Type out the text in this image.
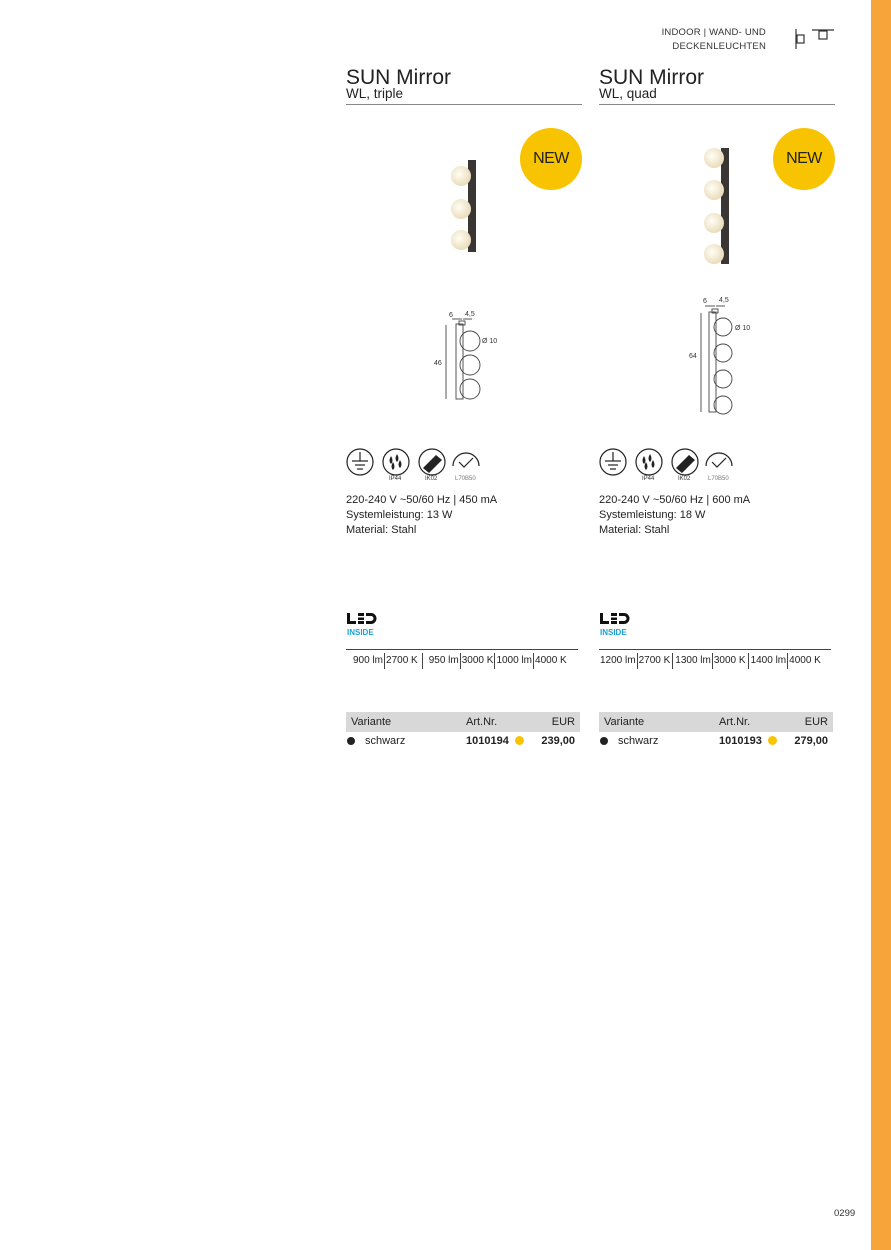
INDOOR | WAND- UND
DECKENLEUCHTEN
SUN Mirror
WL, triple
NEW
6 4,5
46
Ø 10
IP44	IK02	L70B50
220-240 V ~50/60 Hz | 450 mA
Systemleistung: 13 W
Material: Stahl
INSIDE
900 lm 2700 K 950 lm 3000 K 1000 lm 4000 K
Variante	Art.Nr.	EUR
schwarz	1010194	239,00
SUN Mirror
WL, quad
NEW
6 4,5
64
Ø 10
IP44	IK02	L70B50
220-240 V ~50/60 Hz | 600 mA
Systemleistung: 18 W
Material: Stahl
INSIDE
1200 lm 2700 K 1300 lm 3000 K 1400 lm 4000 K
Variante	Art.Nr.	EUR
schwarz	1010193	279,00
0299
